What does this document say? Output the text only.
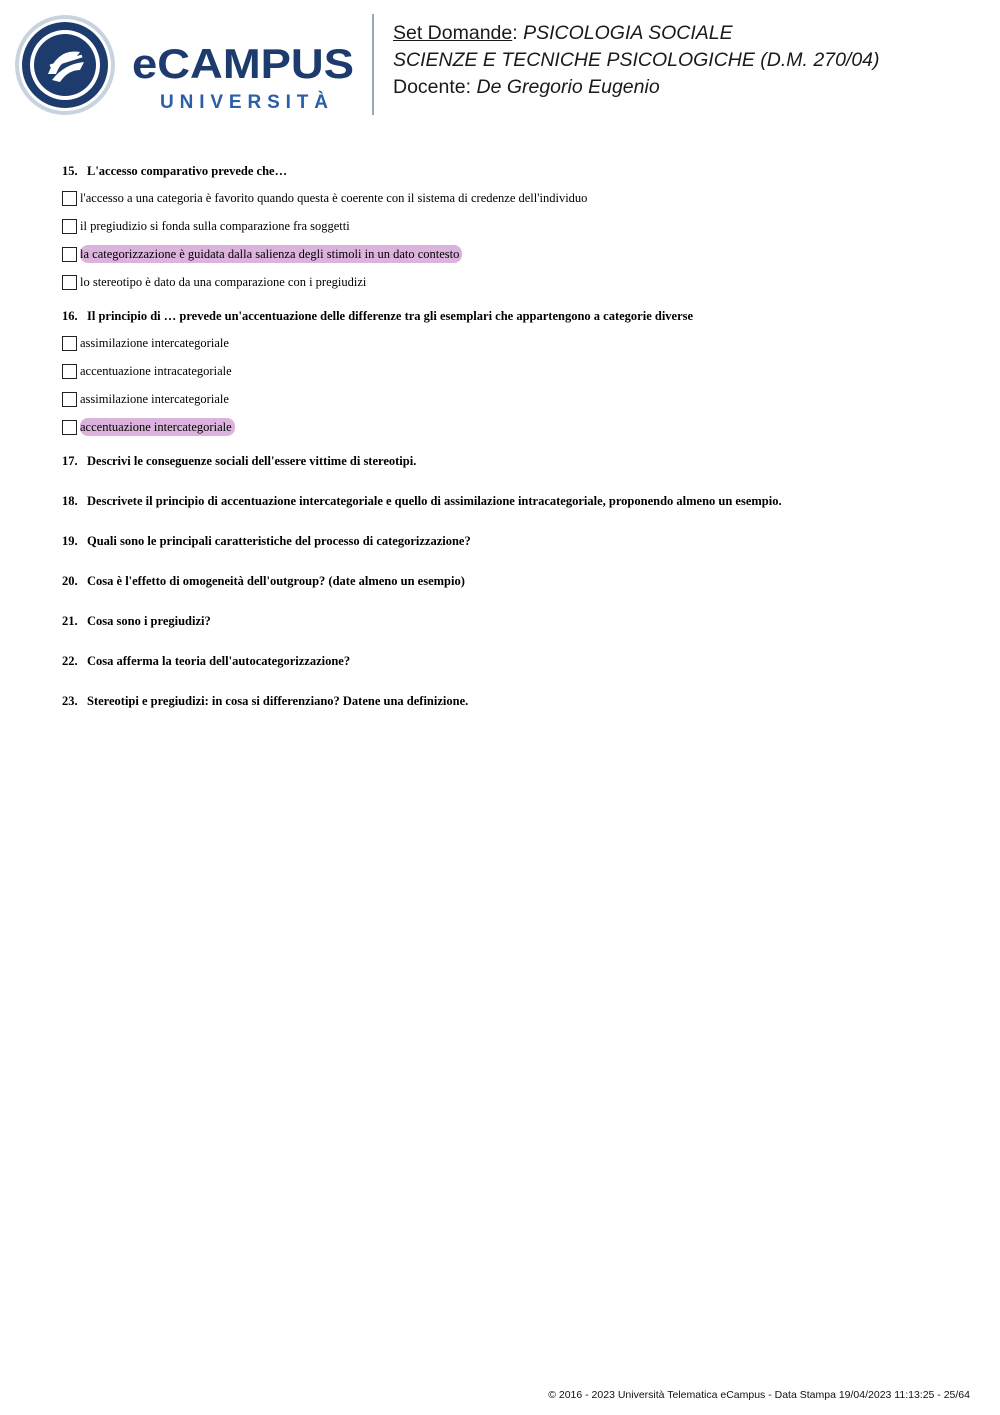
eCAMPUS
UNIVERSITÀ
Set Domande: PSICOLOGIA SOCIALE
SCIENZE E TECNICHE PSICOLOGICHE (D.M. 270/04)
Docente: De Gregorio Eugenio
15. L'accesso comparativo prevede che…
l'accesso a una categoria è favorito quando questa è coerente con il sistema di credenze dell'individuo
il pregiudizio si fonda sulla comparazione fra soggetti
la categorizzazione è guidata dalla salienza degli stimoli in un dato contesto
lo stereotipo è dato da una comparazione con i pregiudizi
16. Il principio di … prevede un'accentuazione delle differenze tra gli esemplari che appartengono a categorie diverse
assimilazione intercategoriale
accentuazione intracategoriale
assimilazione intercategoriale
accentuazione intercategoriale
17. Descrivi le conseguenze sociali dell'essere vittime di stereotipi.
18. Descrivete il principio di accentuazione intercategoriale e quello di assimilazione intracategoriale, proponendo almeno un esempio.
19. Quali sono le principali caratteristiche del processo di categorizzazione?
20. Cosa è l'effetto di omogeneità dell'outgroup? (date almeno un esempio)
21. Cosa sono i pregiudizi?
22. Cosa afferma la teoria dell'autocategorizzazione?
23. Stereotipi e pregiudizi: in cosa si differenziano? Datene una definizione.
© 2016 - 2023 Università Telematica eCampus - Data Stampa 19/04/2023 11:13:25 - 25/64
